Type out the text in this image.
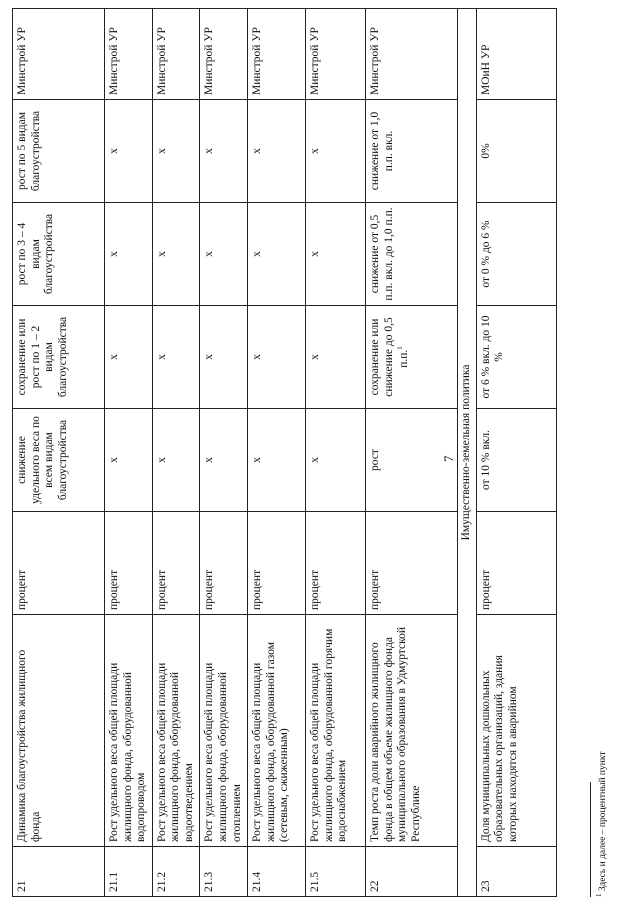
7
21	Динамика благоустройства жилищного фонда	процент	снижение удельного веса по всем видам благоустройства	сохранение или рост по 1 – 2 видам благоустройства	рост по 3 – 4 видам благоустройства	рост по 5 видам благоустройства	Минстрой УР
21.1	Рост удельного веса общей площади жилищного фонда, оборудованной водопроводом	процент	х	х	х	х	Минстрой УР
21.2	Рост удельного веса общей площади жилищного фонда, оборудованной водоотведением	процент	х	х	х	х	Минстрой УР
21.3	Рост удельного веса общей площади жилищного фонда, оборудованной отоплением	процент	х	х	х	х	Минстрой УР
21.4	Рост удельного веса общей площади жилищного фонда, оборудованной газом (сетевым, сжиженным)	процент	х	х	х	х	Минстрой УР
21.5	Рост удельного веса общей площади жилищного фонда, оборудованной горячим водоснабжением	процент	х	х	х	х	Минстрой УР
22	Темп роста доли аварийного жилищного фонда в общем объеме жилищного фонда муниципального образования в Удмуртской Республике	процент	рост	сохранение или снижение до 0,5 п.п.$^1$	снижение от 0,5 п.п. вкл. до 1,0 п.п.	снижение от 1,0 п.п. вкл.	Минстрой УР
Имущественно-земельная политика							
23	Доля муниципальных дошкольных образовательных организаций, здания которых находятся в аварийном	процент	от 10 % вкл.	от 6 % вкл. до 10 %	от 0 % до 6 %	0%	МОиН УР
$^1$ Здесь и далее – процентный пункт
